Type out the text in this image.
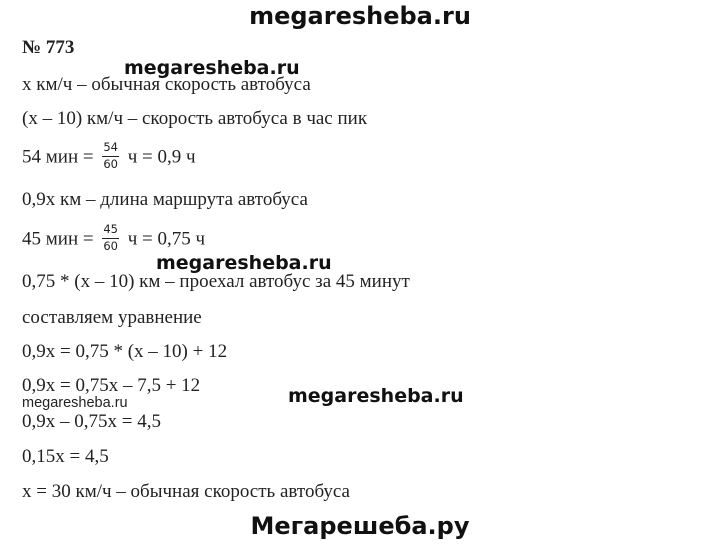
megaresheba.ru
№ 773
megaresheba.ru
х км/ч – обычная скорость автобуса
(х – 10) км/ч – скорость автобуса в час пик
54 мин = $\frac{54}{60}$ ч = 0,9 ч
0,9х км – длина маршрута автобуса
45 мин = $\frac{45}{60}$ ч = 0,75 ч
megaresheba.ru
0,75 * (х – 10) км – проехал автобус за 45 минут
составляем уравнение
0,9х = 0,75 * (х – 10) + 12
0,9х = 0,75х – 7,5 + 12	megaresheba.ru
megaresheba.ru
0,9х – 0,75х = 4,5
0,15х = 4,5
х = 30 км/ч – обычная скорость автобуса
Мегарешеба.ру
